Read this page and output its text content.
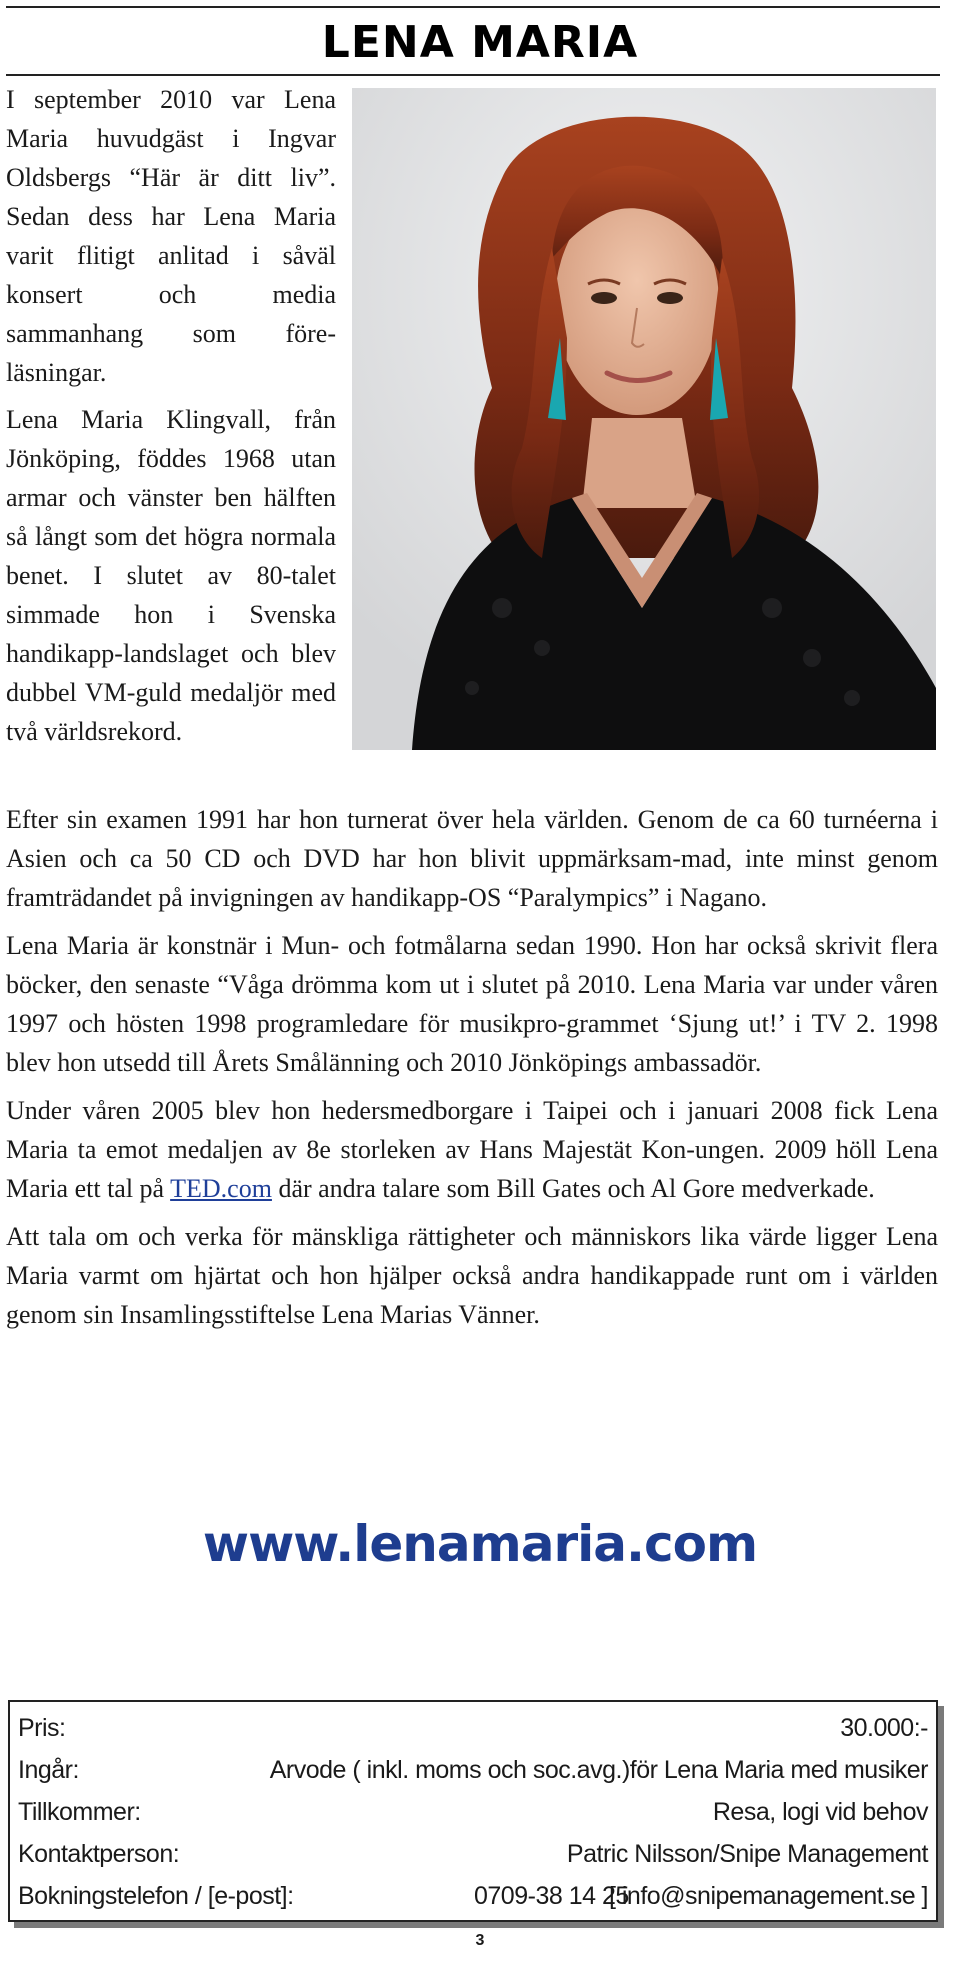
LENA MARIA

I september 2010 var Lena Maria huvudgäst i Ingvar Oldsbergs “Här är ditt liv”. Sedan dess har Lena Maria varit flitigt anlitad i såväl konsert och media sammanhang som före-läsningar.

Lena Maria Klingvall, från Jönköping, föddes 1968 utan armar och vänster ben hälften så långt som det högra normala benet. I slutet av 80-talet simmade hon i Svenska handikapp-landslaget och blev dubbel VM-guld medaljör med två världsrekord.

Efter sin examen 1991 har hon turnerat över hela världen. Genom de ca 60 turnéerna i Asien och ca 50 CD och DVD har hon blivit uppmärksam-mad, inte minst genom framträdandet på invigningen av handikapp-OS “Paralympics” i Nagano.

Lena Maria är konstnär i Mun- och fotmålarna sedan 1990. Hon har också skrivit flera böcker, den senaste “Våga drömma kom ut i slutet på 2010. Lena Maria var under våren 1997 och hösten 1998 programledare för musikpro-grammet ‘Sjung ut!’ i TV 2. 1998 blev hon utsedd till Årets Smålänning och 2010 Jönköpings ambassadör.

Under våren 2005 blev hon hedersmedborgare i Taipei och i januari 2008 fick Lena Maria ta emot medaljen av 8e storleken av Hans Majestät Kon-ungen. 2009 höll Lena Maria ett tal på TED.com där andra talare som Bill Gates och Al Gore medverkade.

Att tala om och verka för mänskliga rättigheter och människors lika värde ligger Lena Maria varmt om hjärtat och hon hjälper också andra handikappade runt om i världen genom sin Insamlingsstiftelse Lena Marias Vänner.

www.lenamaria.com
Pris:	30.000:-
Ingår:	Arvode ( inkl. moms och soc.avg.)för Lena Maria med musiker
Tillkommer:	Resa, logi vid behov
Kontaktperson:	Patric Nilsson/Snipe Management
Bokningstelefon / [e-post]:	0709-38 14 25
[ info@snipemanagement.se ]
3
